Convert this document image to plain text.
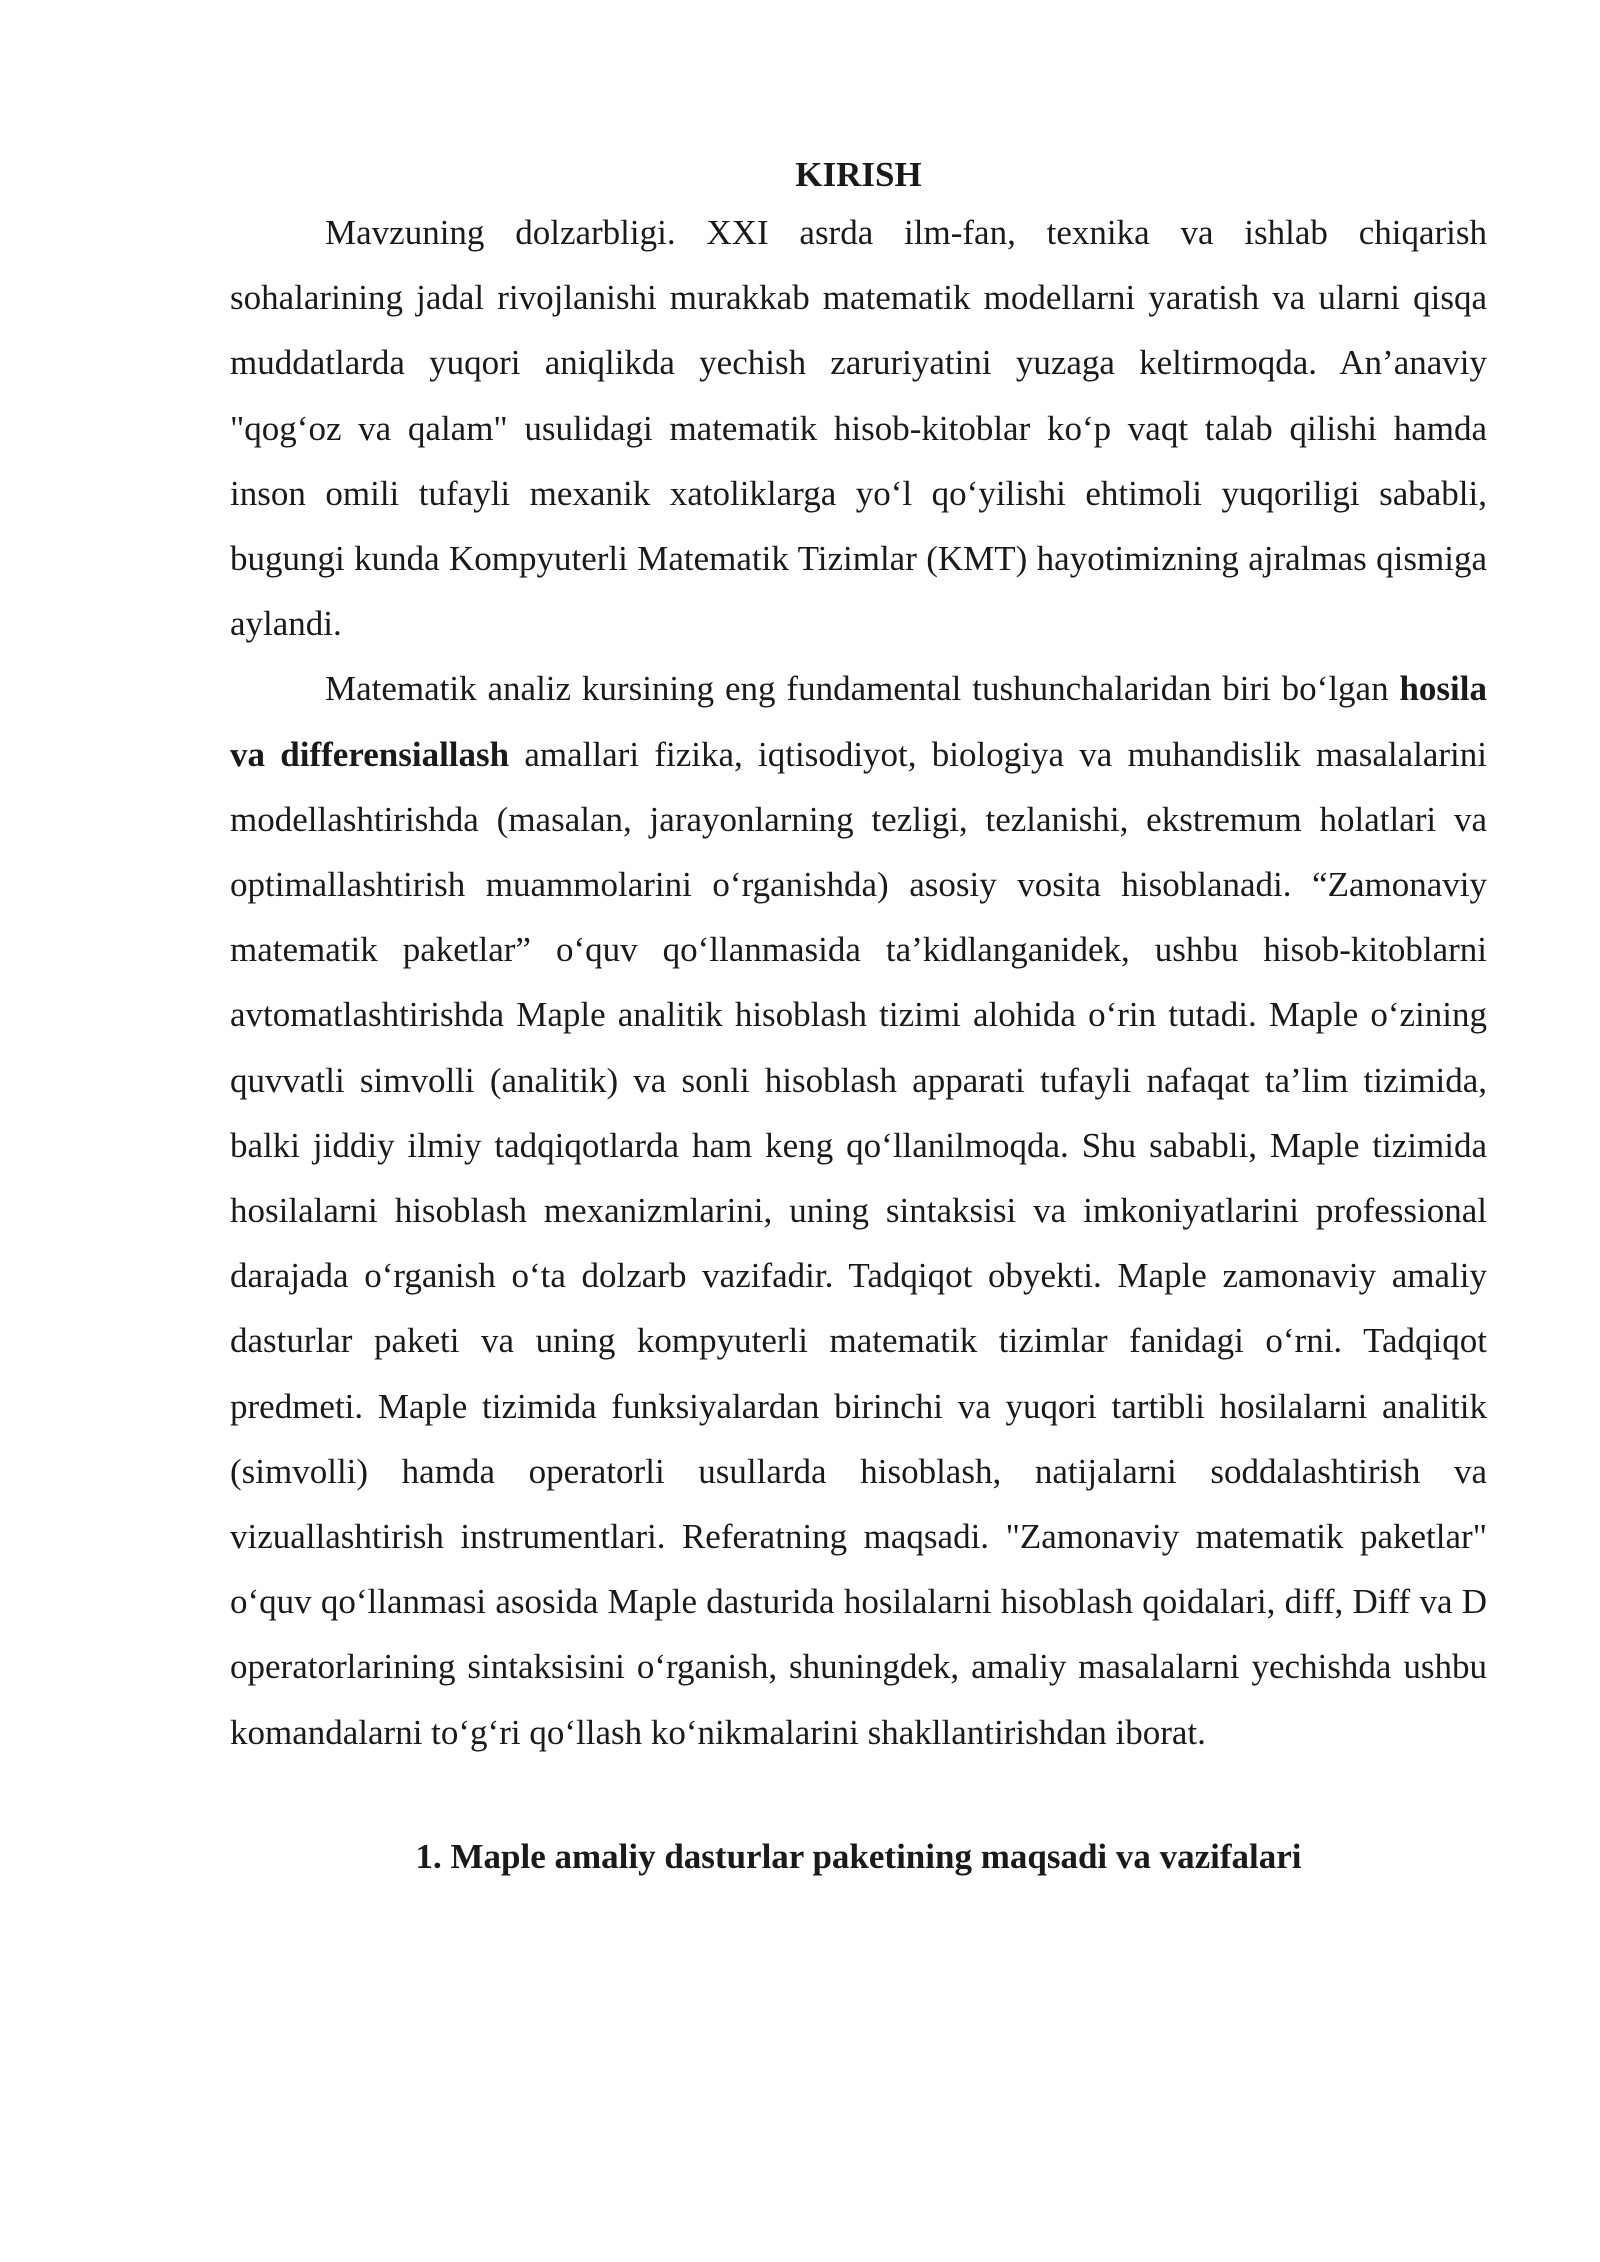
KIRISH

Mavzuning dolzarbligi. XXI asrda ilm-fan, texnika va ishlab chiqarish sohalarining jadal rivojlanishi murakkab matematik modellarni yaratish va ularni qisqa muddatlarda yuqori aniqlikda yechish zaruriyatini yuzaga keltirmoqda. An’anaviy "qog‘oz va qalam" usulidagi matematik hisob-kitoblar ko‘p vaqt talab qilishi hamda inson omili tufayli mexanik xatoliklarga yo‘l qo‘yilishi ehtimoli yuqoriligi sababli, bugungi kunda Kompyuterli Matematik Tizimlar (KMT) hayotimizning ajralmas qismiga aylandi.

Matematik analiz kursining eng fundamental tushunchalaridan biri bo‘lgan hosila va differensiallash amallari fizika, iqtisodiyot, biologiya va muhandislik masalalarini modellashtirishda (masalan, jarayonlarning tezligi, tezlanishi, ekstremum holatlari va optimallashtirish muammolarini o‘rganishda) asosiy vosita hisoblanadi. “Zamonaviy matematik paketlar” o‘quv qo‘llanmasida ta’kidlanganidek, ushbu hisob-kitoblarni avtomatlashtirishda Maple analitik hisoblash tizimi alohida o‘rin tutadi. Maple o‘zining quvvatli simvolli (analitik) va sonli hisoblash apparati tufayli nafaqat ta’lim tizimida, balki jiddiy ilmiy tadqiqotlarda ham keng qo‘llanilmoqda. Shu sababli, Maple tizimida hosilalarni hisoblash mexanizmlarini, uning sintaksisi va imkoniyatlarini professional darajada o‘rganish o‘ta dolzarb vazifadir. Tadqiqot obyekti. Maple zamonaviy amaliy dasturlar paketi va uning kompyuterli matematik tizimlar fanidagi o‘rni. Tadqiqot predmeti. Maple tizimida funksiyalardan birinchi va yuqori tartibli hosilalarni analitik (simvolli) hamda operatorli usullarda hisoblash, natijalarni soddalashtirish va vizuallashtirish instrumentlari. Referatning maqsadi. "Zamonaviy matematik paketlar" o‘quv qo‘llanmasi asosida Maple dasturida hosilalarni hisoblash qoidalari, diff, Diff va D operatorlarining sintaksisini o‘rganish, shuningdek, amaliy masalalarni yechishda ushbu komandalarni to‘g‘ri qo‘llash ko‘nikmalarini shakllantirishdan iborat.

1. Maple amaliy dasturlar paketining maqsadi va vazifalari
